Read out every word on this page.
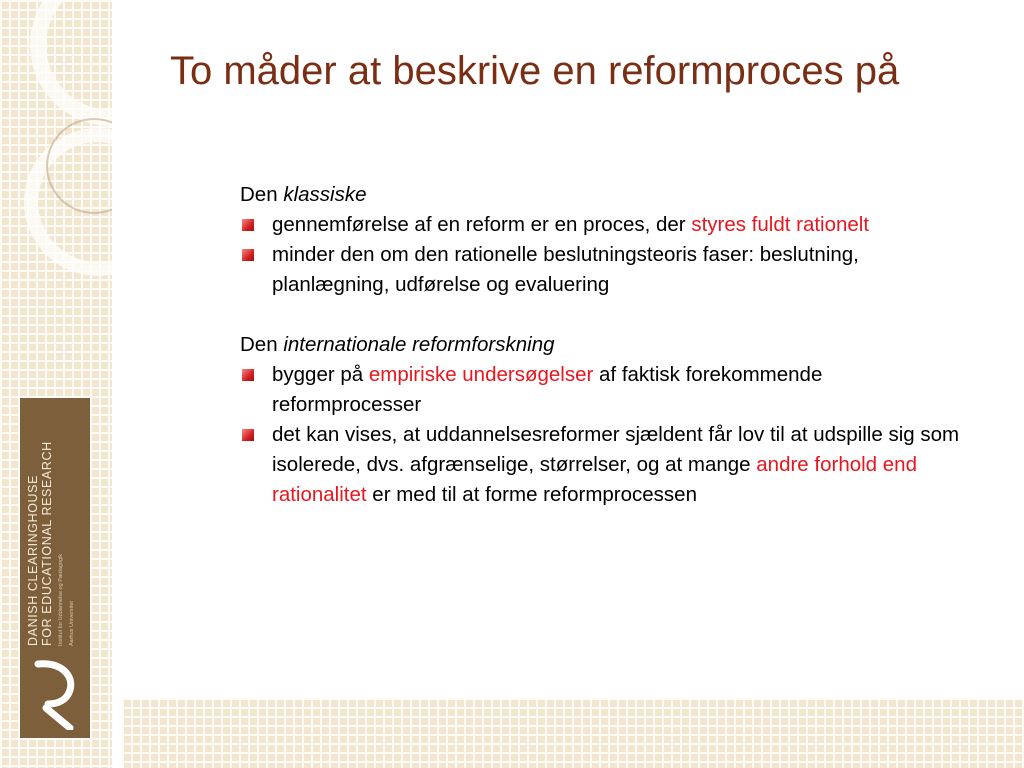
DANISH CLEARINGHOUSE FOR EDUCATIONAL RESEARCH Institut for Uddannelse og Pædagogik Aarhus Universitet
To måder at beskrive en reformproces på
Den klassiske
gennemførelse af en reform er en proces, der styres fuldt rationelt
minder den om den rationelle beslutningsteoris faser: beslutning, planlægning, udførelse og evaluering
Den internationale reformforskning
bygger på empiriske undersøgelser af faktisk forekommende reformprocesser
det kan vises, at uddannelsesreformer sjældent får lov til at udspille sig som isolerede, dvs. afgrænselige, størrelser, og at mange andre forhold end rationalitet er med til at forme reformprocessen
